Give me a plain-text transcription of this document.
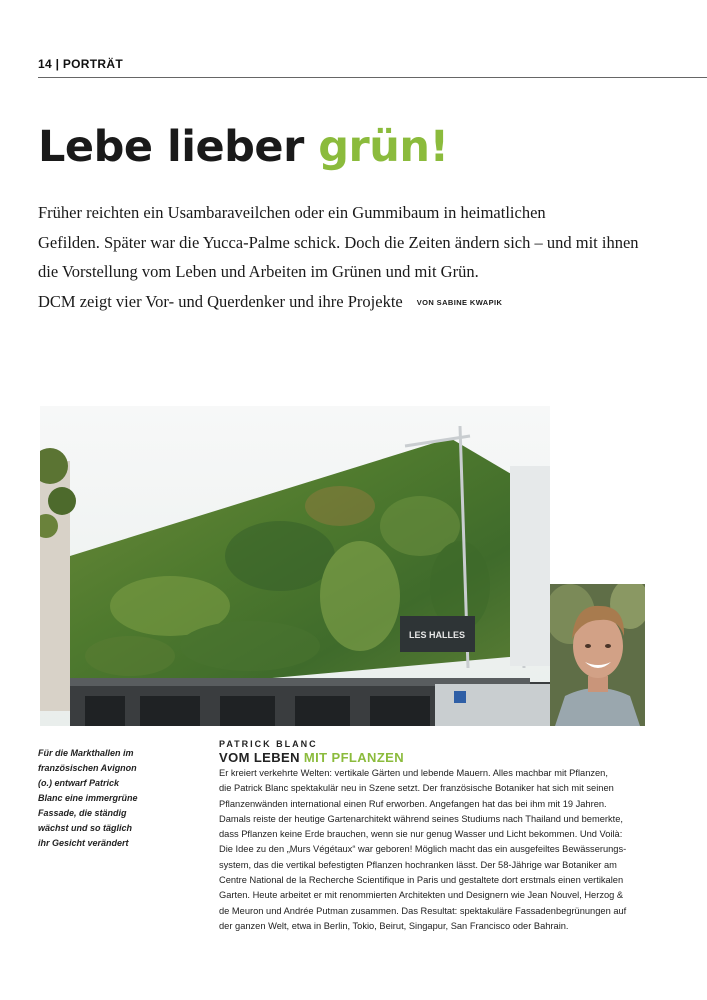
14 | PORTRÄT
Lebe lieber grün!
Früher reichten ein Usambaraveilchen oder ein Gummibaum in heimatlichen
Gefilden. Später war die Yucca-Palme schick. Doch die Zeiten ändern sich – und mit ihnen
die Vorstellung vom Leben und Arbeiten im Grünen und mit Grün.
DCM zeigt vier Vor- und Querdenker und ihre Projekte VON SABINE KWAPIK
LES HALLES
Für die Markthallen im
französischen Avignon
(o.) entwarf Patrick
Blanc eine immergrüne
Fassade, die ständig
wächst und so täglich
ihr Gesicht verändert
PATRICK BLANC
VOM LEBEN MIT PFLANZEN
Er kreiert verkehrte Welten: vertikale Gärten und lebende Mauern. Alles machbar mit Pflanzen,
die Patrick Blanc spektakulär neu in Szene setzt. Der französische Botaniker hat sich mit seinen
Pflanzenwänden international einen Ruf erworben. Angefangen hat das bei ihm mit 19 Jahren.
Damals reiste der heutige Gartenarchitekt während seines Studiums nach Thailand und bemerkte,
dass Pflanzen keine Erde brauchen, wenn sie nur genug Wasser und Licht bekommen. Und Voilà:
Die Idee zu den „Murs Végétaux“ war geboren! Möglich macht das ein ausgefeiltes Bewässerungs-
system, das die vertikal befestigten Pflanzen hochranken lässt. Der 58-Jährige war Botaniker am
Centre National de la Recherche Scientifique in Paris und gestaltete dort erstmals einen vertikalen
Garten. Heute arbeitet er mit renommierten Architekten und Designern wie Jean Nouvel, Herzog &
de Meuron und Andrée Putman zusammen. Das Resultat: spektakuläre Fassadenbegrünungen auf
der ganzen Welt, etwa in Berlin, Tokio, Beirut, Singapur, San Francisco oder Bahrain.
